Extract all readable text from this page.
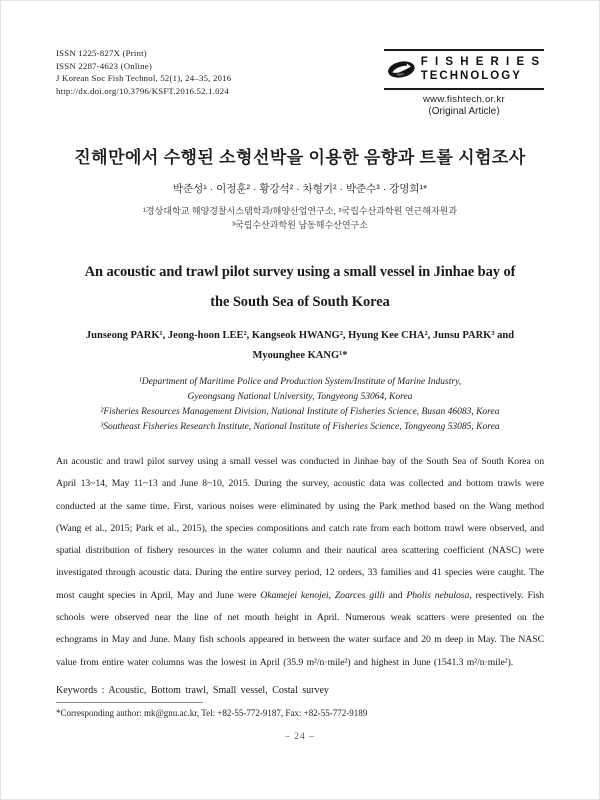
ISSN 1225-827X (Print)
ISSN 2287-4623 (Online)
J Korean Soc Fish Technol, 52(1), 24–35, 2016
http://dx.doi.org/10.3796/KSFT.2016.52.1.024
KSFT
F I S H E R I E S
TECHNOLOGY
www.fishtech.or.kr
⟨Original Article⟩
진해만에서 수행된 소형선박을 이용한 음향과 트롤 시험조사
박준성¹ · 이정훈² · 황강석² · 차형기² · 박준수³ · 강명희¹*
¹경상대학교 해양경찰시스템학과/해양산업연구소, ²국립수산과학원 연근해자원과
³국립수산과학원 남동해수산연구소
An acoustic and trawl pilot survey using a small vessel in Jinhae bay of
the South Sea of South Korea
Junseong PARK¹, Jeong-hoon LEE², Kangseok HWANG², Hyung Kee CHA², Junsu PARK³ and
Myounghee KANG¹*
¹Department of Maritime Police and Production System/Institute of Marine Industry,
Gyeongsang National University, Tongyeong 53064, Korea
²Fisheries Resources Management Division, National Institute of Fisheries Science, Busan 46083, Korea
³Southeast Fisheries Research Institute, National Institute of Fisheries Science, Tongyeong 53085, Korea
An acoustic and trawl pilot survey using a small vessel was conducted in Jinhae bay of the South Sea of South Korea on April 13~14, May 11~13 and June 8~10, 2015. During the survey, acoustic data was collected and bottom trawls were conducted at the same time. First, various noises were eliminated by using the Park method based on the Wang method (Wang et al., 2015; Park et al., 2015), the species compositions and catch rate from each bottom trawl were observed, and spatial distribution of fishery resources in the water column and their nautical area scattering coefficient (NASC) were investigated through acoustic data. During the entire survey period, 12 orders, 33 families and 41 species were caught. The most caught species in April, May and June were Okamejei kenojei, Zoarces gilli and Pholis nebulosa, respectively. Fish schools were observed near the line of net mouth height in April. Numerous weak scatters were presented on the echograms in May and June. Many fish schools appeared in between the water surface and 20 m deep in May. The NASC value from entire water columns was the lowest in April (35.9 m²/n·mile²) and highest in June (1541.3 m²/n·mile²).
Keywords : Acoustic, Bottom trawl, Small vessel, Costal survey
*Corresponding author: mk@gnu.ac.kr, Tel: +82-55-772-9187, Fax: +82-55-772-9189
– 24 –
